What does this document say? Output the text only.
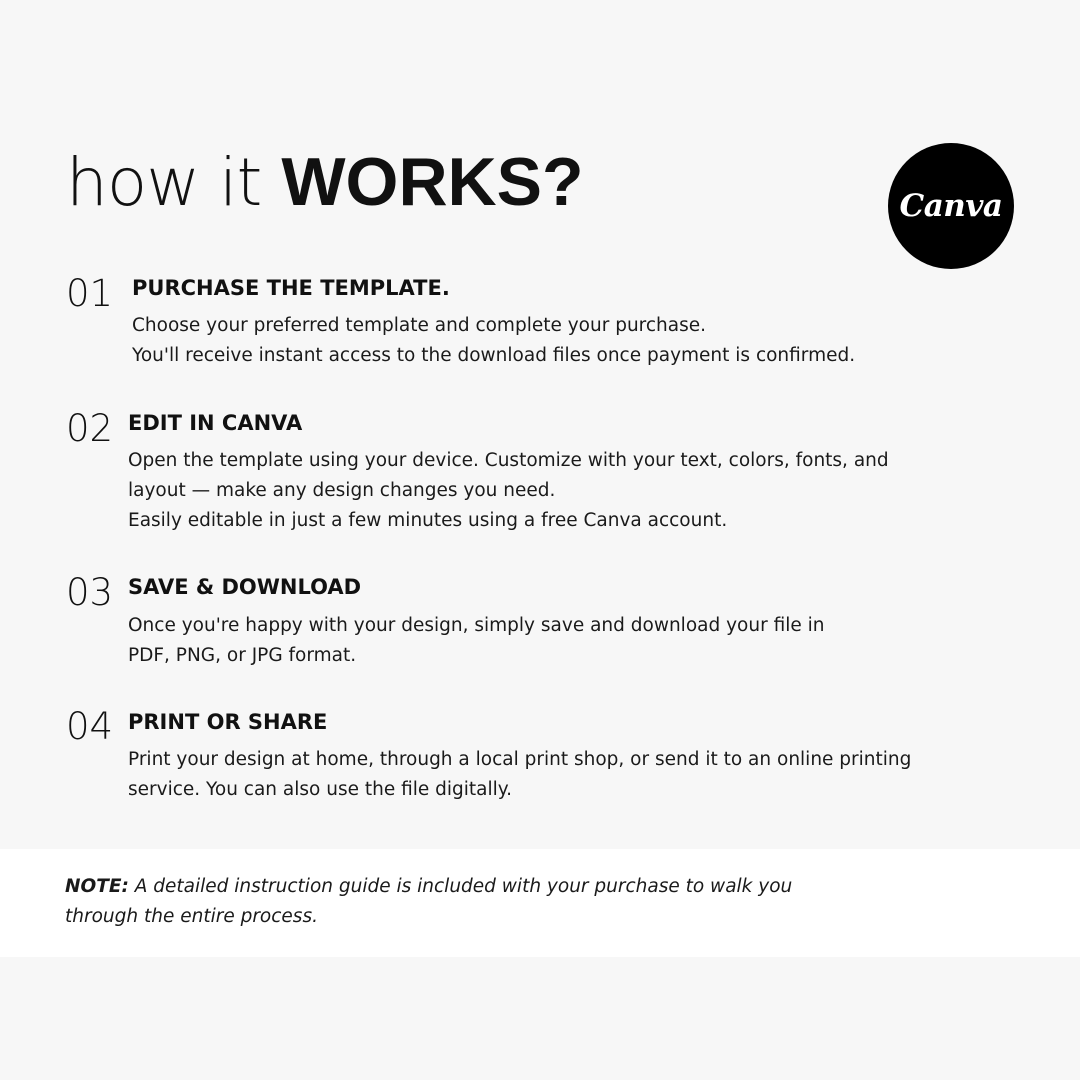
how it WORKS?	Canva
01 PURCHASE THE TEMPLATE.
Choose your preferred template and complete your purchase.
You'll receive instant access to the download files once payment is confirmed.
02 EDIT IN CANVA
Open the template using your device. Customize with your text, colors, fonts, and
layout — make any design changes you need.
Easily editable in just a few minutes using a free Canva account.
03 SAVE & DOWNLOAD
Once you're happy with your design, simply save and download your file in
PDF, PNG, or JPG format.
04 PRINT OR SHARE
Print your design at home, through a local print shop, or send it to an online printing
service. You can also use the file digitally.
NOTE: A detailed instruction guide is included with your purchase to walk you
through the entire process.
